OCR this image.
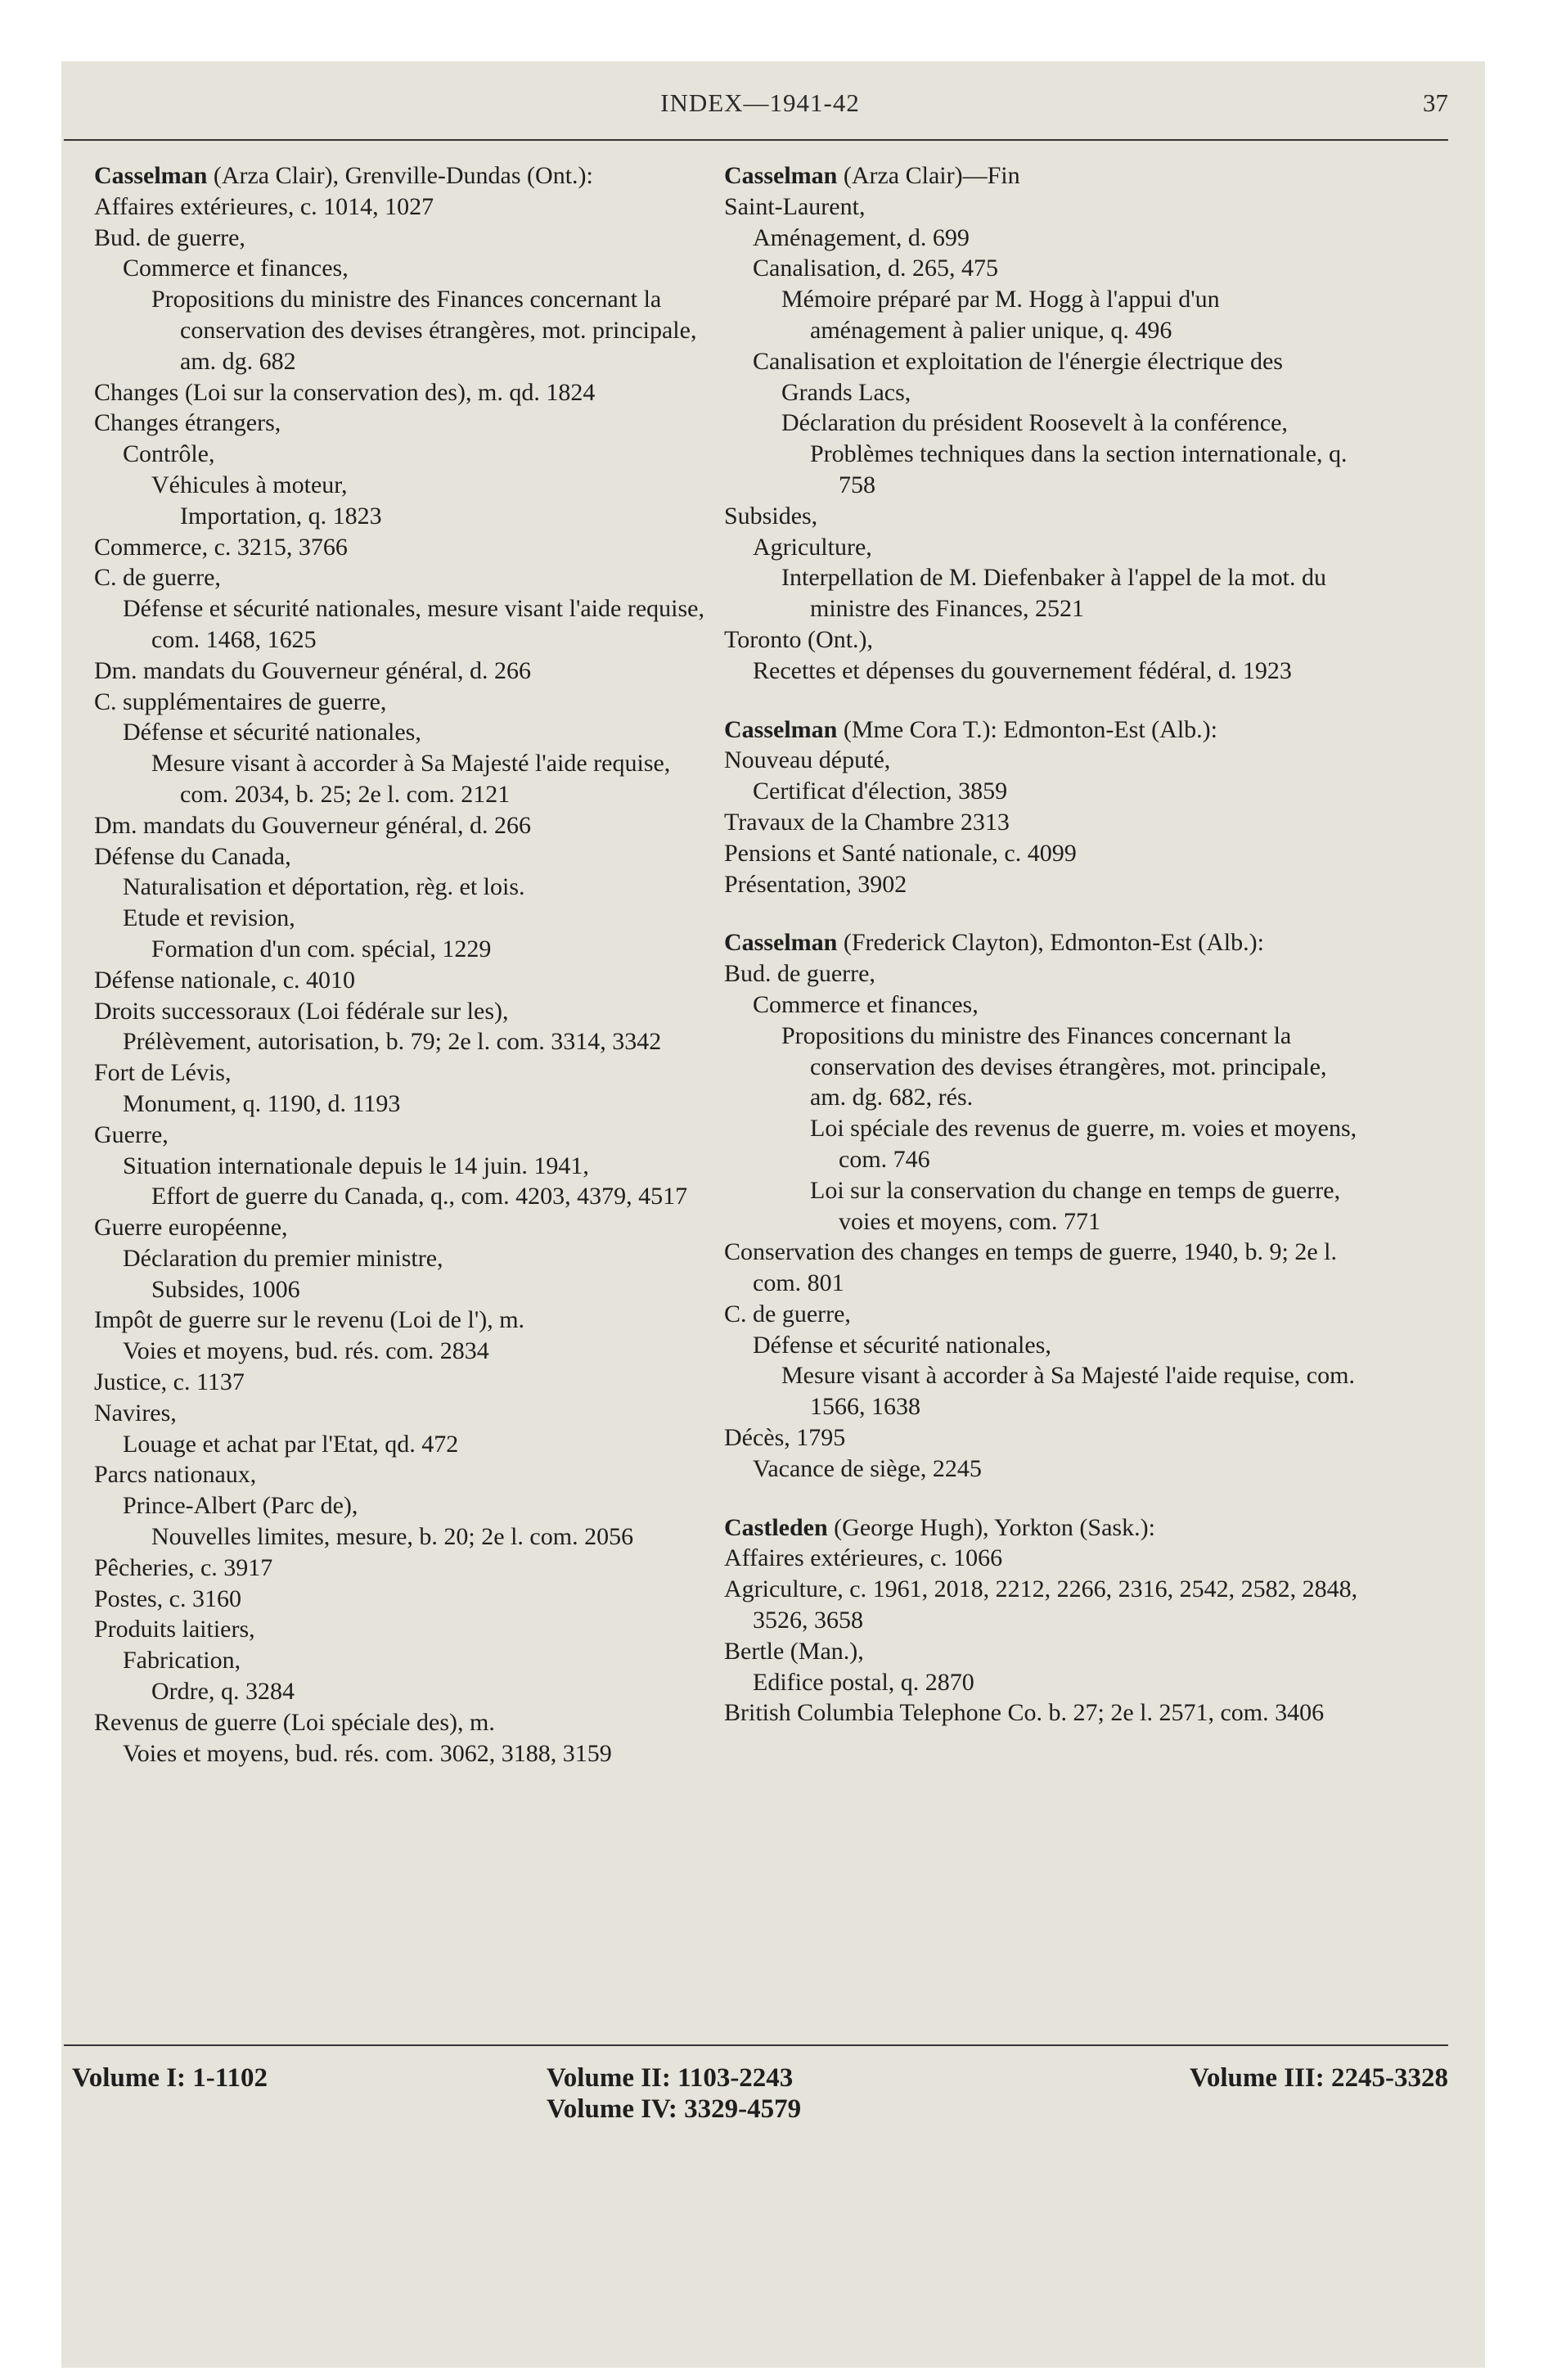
INDEX—1941-42	37
Casselman (Arza Clair), Grenville-Dundas (Ont.):
Affaires extérieures, c. 1014, 1027
Bud. de guerre,
Commerce et finances,
Propositions du ministre des Finances concernant la conservation des devises étrangères, mot. principale, am. dg. 682
Changes (Loi sur la conservation des), m. qd. 1824
Changes étrangers,
Contrôle,
Véhicules à moteur,
Importation, q. 1823
Commerce, c. 3215, 3766
C. de guerre,
Défense et sécurité nationales, mesure visant l'aide requise, com. 1468, 1625
Dm. mandats du Gouverneur général, d. 266
C. supplémentaires de guerre,
Défense et sécurité nationales,
Mesure visant à accorder à Sa Majesté l'aide requise, com. 2034, b. 25; 2e l. com. 2121
Dm. mandats du Gouverneur général, d. 266
Défense du Canada,
Naturalisation et déportation, règ. et lois.
Etude et revision,
Formation d'un com. spécial, 1229
Défense nationale, c. 4010
Droits successoraux (Loi fédérale sur les),
Prélèvement, autorisation, b. 79; 2e l. com. 3314, 3342
Fort de Lévis,
Monument, q. 1190, d. 1193
Guerre,
Situation internationale depuis le 14 juin. 1941,
Effort de guerre du Canada, q., com. 4203, 4379, 4517
Guerre européenne,
Déclaration du premier ministre,
Subsides, 1006
Impôt de guerre sur le revenu (Loi de l'), m.
Voies et moyens, bud. rés. com. 2834
Justice, c. 1137
Navires,
Louage et achat par l'Etat, qd. 472
Parcs nationaux,
Prince-Albert (Parc de),
Nouvelles limites, mesure, b. 20; 2e l. com. 2056
Pêcheries, c. 3917
Postes, c. 3160
Produits laitiers,
Fabrication,
Ordre, q. 3284
Revenus de guerre (Loi spéciale des), m.
Voies et moyens, bud. rés. com. 3062, 3188, 3159
Casselman (Arza Clair)—Fin
Saint-Laurent,
Aménagement, d. 699
Canalisation, d. 265, 475
Mémoire préparé par M. Hogg à l'appui d'un aménagement à palier unique, q. 496
Canalisation et exploitation de l'énergie électrique des Grands Lacs,
Déclaration du président Roosevelt à la conférence,
Problèmes techniques dans la section internationale, q. 758
Subsides,
Agriculture,
Interpellation de M. Diefenbaker à l'appel de la mot. du ministre des Finances, 2521
Toronto (Ont.),
Recettes et dépenses du gouvernement fédéral, d. 1923
Casselman (Mme Cora T.): Edmonton-Est (Alb.):
Nouveau député,
Certificat d'élection, 3859
Travaux de la Chambre 2313
Pensions et Santé nationale, c. 4099
Présentation, 3902
Casselman (Frederick Clayton), Edmonton-Est (Alb.):
Bud. de guerre,
Commerce et finances,
Propositions du ministre des Finances concernant la conservation des devises étrangères, mot. principale, am. dg. 682, rés.
Loi spéciale des revenus de guerre, m. voies et moyens, com. 746
Loi sur la conservation du change en temps de guerre, voies et moyens, com. 771
Conservation des changes en temps de guerre, 1940, b. 9; 2e l. com. 801
C. de guerre,
Défense et sécurité nationales,
Mesure visant à accorder à Sa Majesté l'aide requise, com. 1566, 1638
Décès, 1795
Vacance de siège, 2245
Castleden (George Hugh), Yorkton (Sask.):
Affaires extérieures, c. 1066
Agriculture, c. 1961, 2018, 2212, 2266, 2316, 2542, 2582, 2848, 3526, 3658
Bertle (Man.),
Edifice postal, q. 2870
British Columbia Telephone Co. b. 27; 2e l. 2571, com. 3406
Volume I: 1-1102	Volume II: 1103-2243
Volume IV: 3329-4579
Volume III: 2245-3328
